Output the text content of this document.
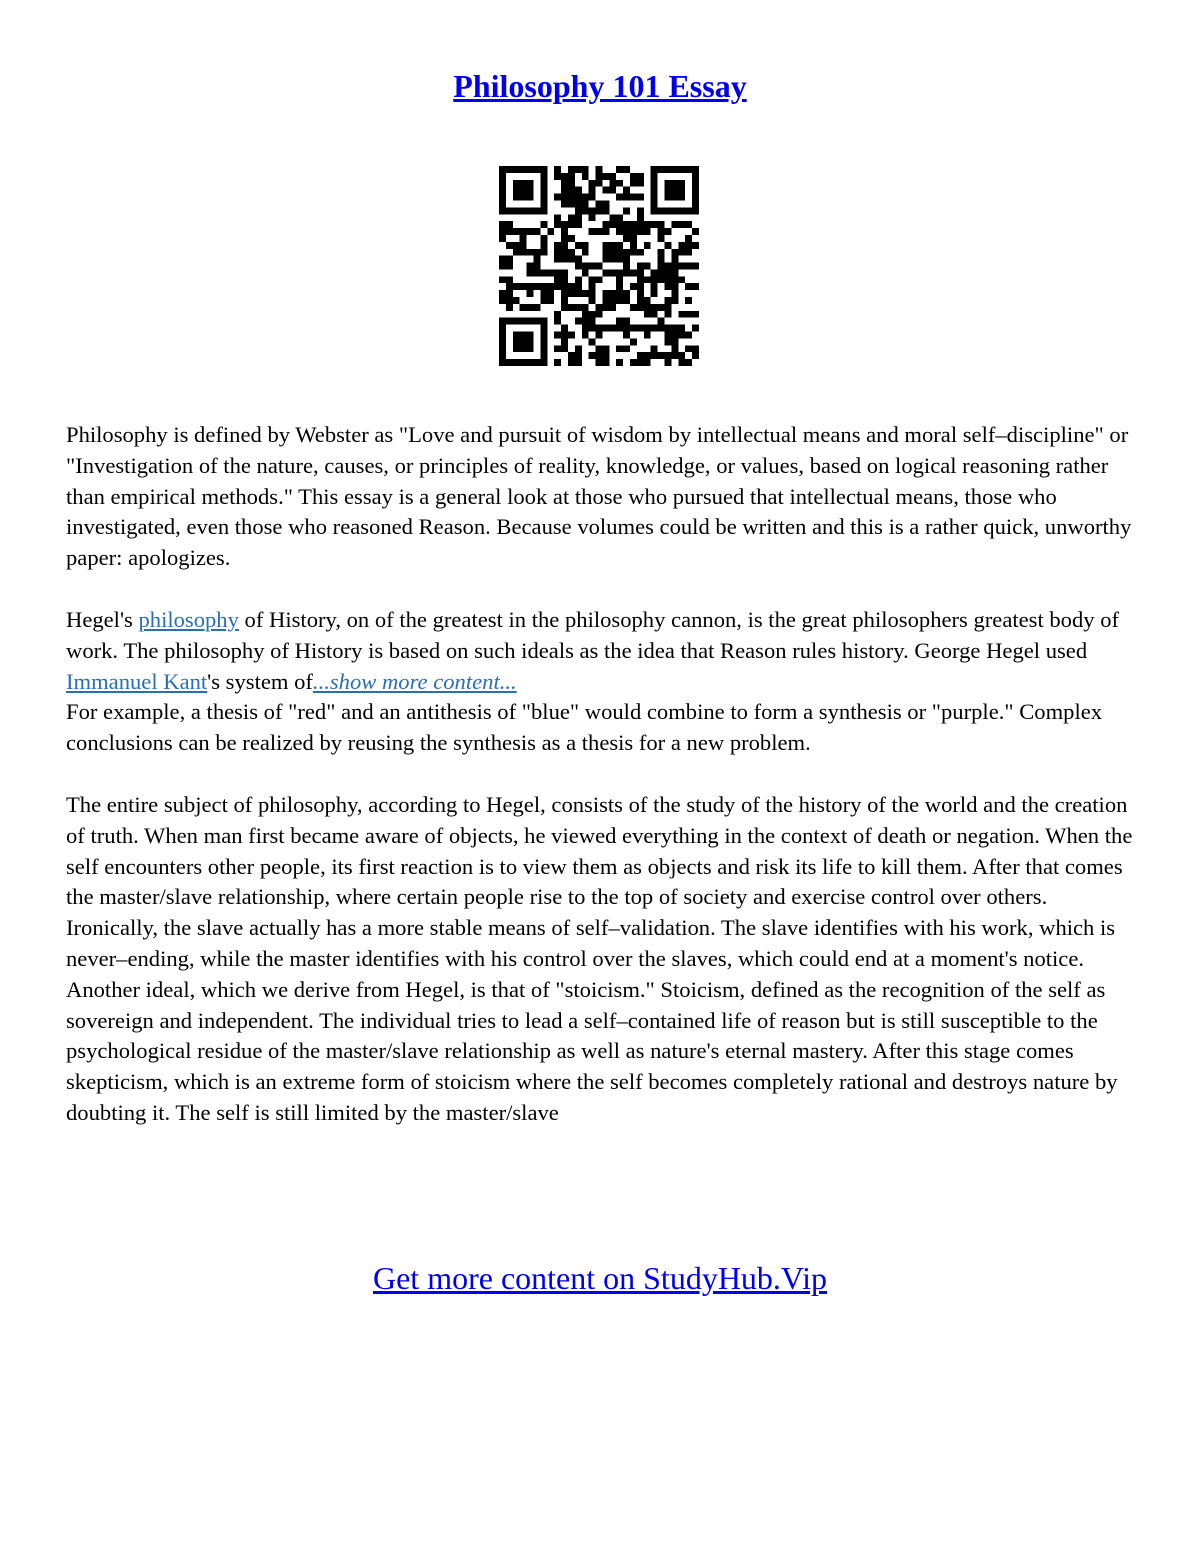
Philosophy 101 Essay

Philosophy is defined by Webster as "Love and pursuit of wisdom by intellectual means and moral self–discipline" or "Investigation of the nature, causes, or principles of reality, knowledge, or values, based on logical reasoning rather than empirical methods." This essay is a general look at those who pursued that intellectual means, those who investigated, even those who reasoned Reason. Because volumes could be written and this is a rather quick, unworthy paper: apologizes.

Hegel's philosophy of History, on of the greatest in the philosophy cannon, is the great philosophers greatest body of work. The philosophy of History is based on such ideals as the idea that Reason rules history. George Hegel used Immanuel Kant's system of...show more content...

For example, a thesis of "red" and an antithesis of "blue" would combine to form a synthesis or "purple." Complex conclusions can be realized by reusing the synthesis as a thesis for a new problem.

The entire subject of philosophy, according to Hegel, consists of the study of the history of the world and the creation of truth. When man first became aware of objects, he viewed everything in the context of death or negation. When the self encounters other people, its first reaction is to view them as objects and risk its life to kill them. After that comes the master/slave relationship, where certain people rise to the top of society and exercise control over others. Ironically, the slave actually has a more stable means of self–validation. The slave identifies with his work, which is never–ending, while the master identifies with his control over the slaves, which could end at a moment's notice. Another ideal, which we derive from Hegel, is that of "stoicism." Stoicism, defined as the recognition of the self as sovereign and independent. The individual tries to lead a self–contained life of reason but is still susceptible to the psychological residue of the master/slave relationship as well as nature's eternal mastery. After this stage comes skepticism, which is an extreme form of stoicism where the self becomes completely rational and destroys nature by doubting it. The self is still limited by the master/slave

Get more content on StudyHub.Vip
